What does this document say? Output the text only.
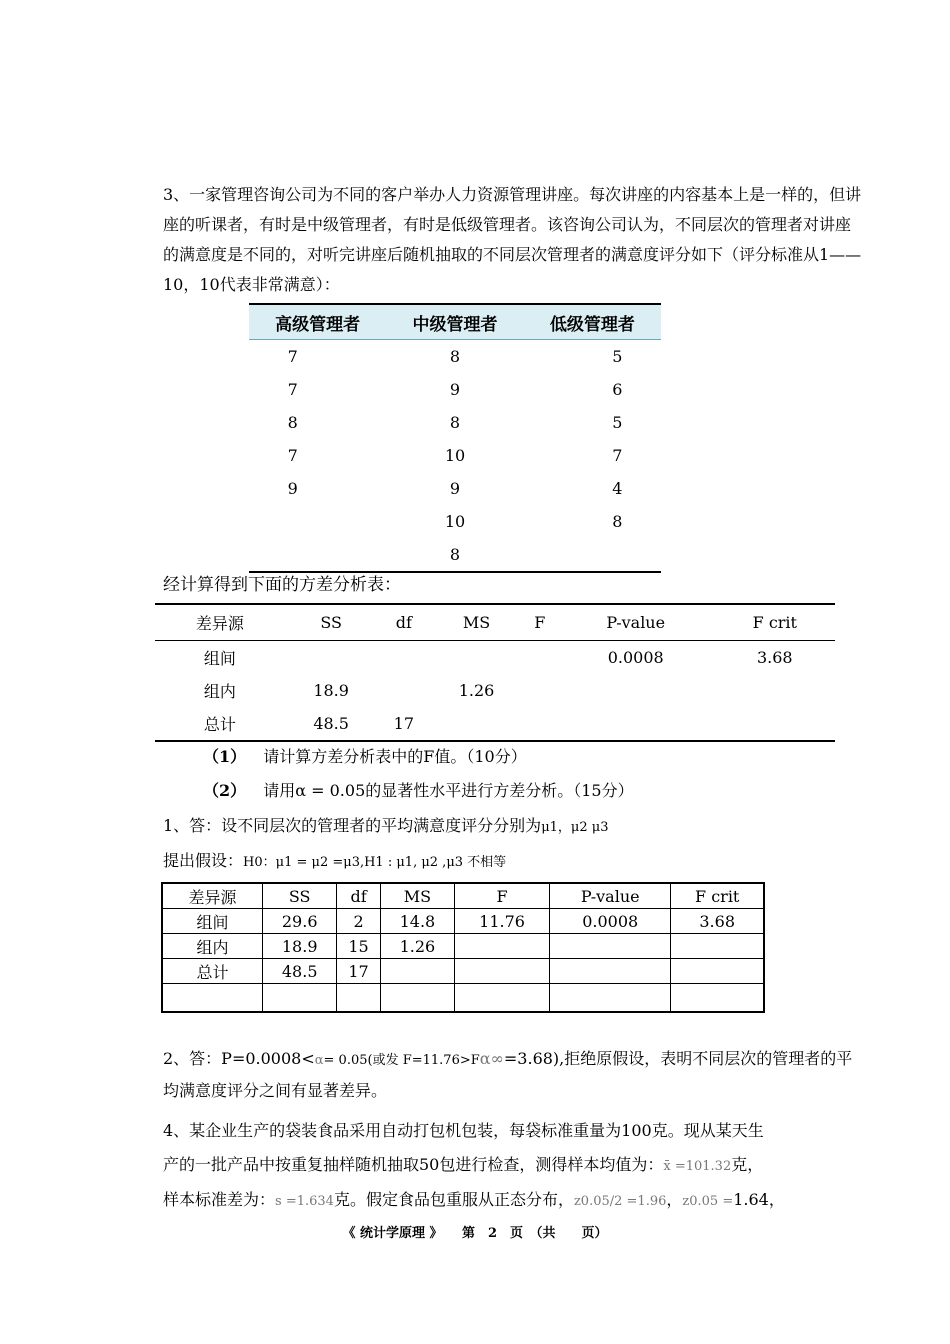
3、一家管理咨询公司为不同的客户举办人力资源管理讲座。每次讲座的内容基本上是一样的，但讲座的听课者，有时是中级管理者，有时是低级管理者。该咨询公司认为，不同层次的管理者对讲座的满意度是不同的，对听完讲座后随机抽取的不同层次管理者的满意度评分如下（评分标准从1——10，10代表非常满意）：

高级管理者	中级管理者	低级管理者
7	8	5
7	9	6
8	8	5
7	10	7
9	9	4
	10	8
	8	
经计算得到下面的方差分析表：
差异源	SS	df	MS	F	P-value	F crit
组间					0.0008	3.68
组内	18.9		1.26			
总计	48.5	17				
（1） 请计算方差分析表中的F值。（10分）
（2） 请用α = 0.05的显著性水平进行方差分析。（15分）
1、答：设不同层次的管理者的平均满意度评分分别为μ1，μ2 μ3
提出假设：H0：μ1 = μ2 =μ3,H1 : μ1, μ2 ,μ3 不相等
差异源	SS	df	MS	F	P-value	F crit
组间	29.6	2	14.8	11.76	0.0008	3.68
组内	18.9	15	1.26			
总计	48.5	17				

2、答：P=0.0008<α= 0.05(或发 F=11.76>Fα∞=3.68),拒绝原假设，表明不同层次的管理者的平均满意度评分之间有显著差异。

4、某企业生产的袋装食品采用自动打包机包装，每袋标准重量为100克。现从某天生
产的一批产品中按重复抽样随机抽取50包进行检查，测得样本均值为：x̄ =101.32克，
样本标准差为：s =1.634克。假定食品包重服从正态分布，z0.05/2 =1.96，z0.05 =1.64，
《 统计学原理 》　　第　2　页　（共　　页）
